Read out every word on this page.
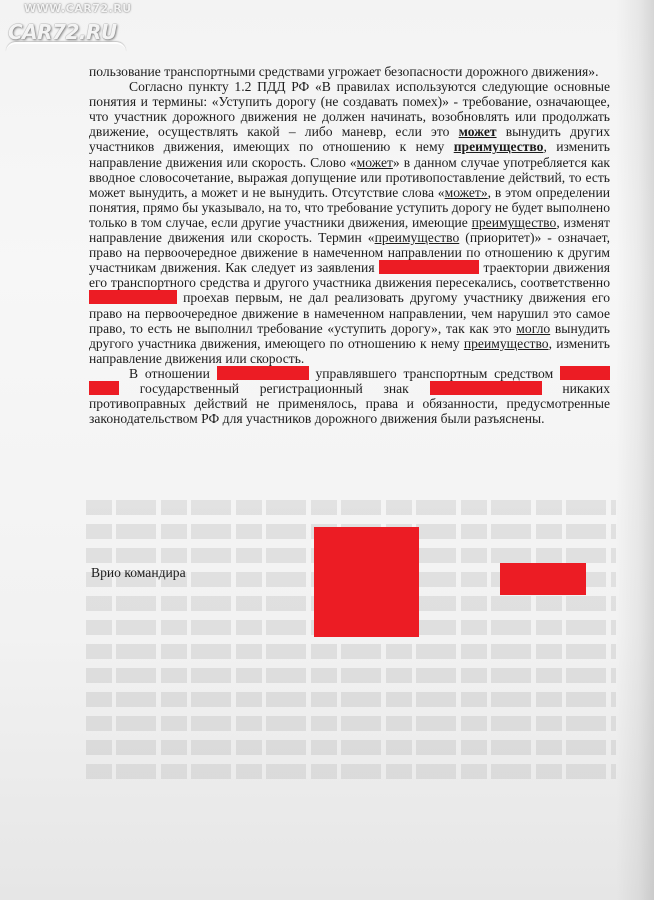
WWW.CAR72.RU
CAR72.RU

пользование транспортными средствами угрожает безопасности дорожного движения».

Согласно пункту 1.2 ПДД РФ «В правилах используются следующие основные понятия и термины: «Уступить дорогу (не создавать помех)» - требование, означающее, что участник дорожного движения не должен начинать, возобновлять или продолжать движение, осуществлять какой – либо маневр, если это может вынудить других участников движения, имеющих по отношению к нему преимущество, изменить направление движения или скорость. Слово «может» в данном случае употребляется как вводное словосочетание, выражая допущение или противопоставление действий, то есть может вынудить, а может и не вынудить. Отсутствие слова «может», в этом определении понятия, прямо бы указывало, на то, что требование уступить дорогу не будет выполнено только в том случае, если другие участники движения, имеющие преимущество, изменят направление движения или скорость. Термин «преимущество (приоритет)» - означает, право на первоочередное движение в намеченном направлении по отношению к другим участникам движения. Как следует из заявления	траектории движения его транспортного средства и другого участника движения пересекались, соответственно  проехав первым, не дал реализовать другому участнику движения его право на первоочередное движение в намеченном направлении, чем нарушил это самое право, то есть не выполнил требование «уступить дорогу», так как это могло вынудить другого участника движения, имеющего по отношению к нему преимущество, изменить направление движения или скорость.

В отношении	управлявшего транспортным средством  государственный регистрационный знак	никаких противоправных действий не применялось, права и обязанности, предусмотренные законодательством РФ для участников дорожного движения были разъяснены.

Врио командира
